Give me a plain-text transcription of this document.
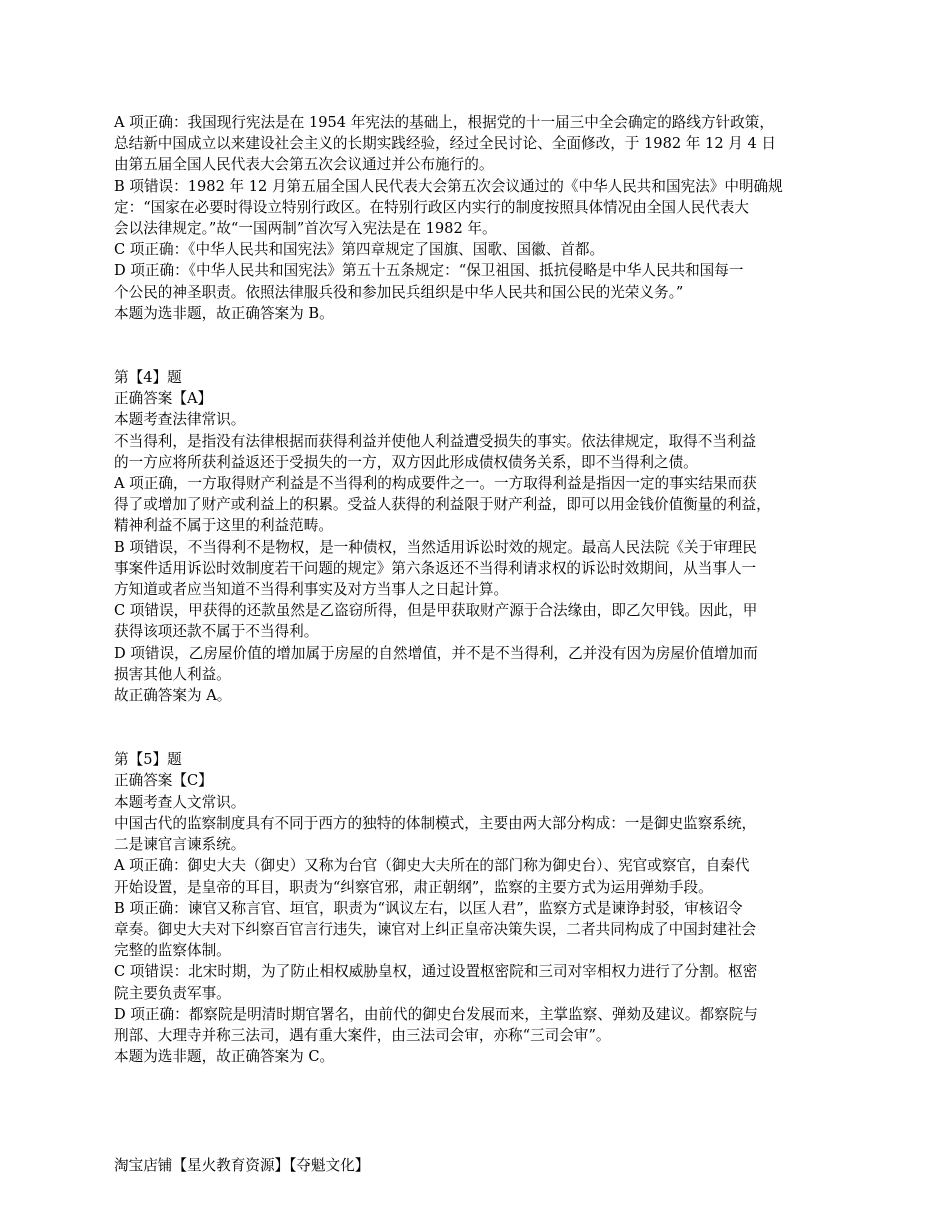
A 项正确：我国现行宪法是在 1954 年宪法的基础上，根据党的十一届三中全会确定的路线方针政策，
总结新中国成立以来建设社会主义的长期实践经验，经过全民讨论、全面修改，于 1982 年 12 月 4 日
由第五届全国人民代表大会第五次会议通过并公布施行的。
B 项错误：1982 年 12 月第五届全国人民代表大会第五次会议通过的《中华人民共和国宪法》中明确规
定：“国家在必要时得设立特别行政区。在特别行政区内实行的制度按照具体情况由全国人民代表大
会以法律规定。”故“一国两制”首次写入宪法是在 1982 年。
C 项正确：《中华人民共和国宪法》第四章规定了国旗、国歌、国徽、首都。
D 项正确：《中华人民共和国宪法》第五十五条规定：“保卫祖国、抵抗侵略是中华人民共和国每一
个公民的神圣职责。依照法律服兵役和参加民兵组织是中华人民共和国公民的光荣义务。”
本题为选非题，故正确答案为 B。
第【4】题
正确答案【A】
本题考查法律常识。
不当得利，是指没有法律根据而获得利益并使他人利益遭受损失的事实。依法律规定，取得不当利益
的一方应将所获利益返还于受损失的一方，双方因此形成债权债务关系，即不当得利之债。
A 项正确，一方取得财产利益是不当得利的构成要件之一。一方取得利益是指因一定的事实结果而获
得了或增加了财产或利益上的积累。受益人获得的利益限于财产利益，即可以用金钱价值衡量的利益，
精神利益不属于这里的利益范畴。
B 项错误，不当得利不是物权，是一种债权，当然适用诉讼时效的规定。最高人民法院《关于审理民
事案件适用诉讼时效制度若干问题的规定》第六条返还不当得利请求权的诉讼时效期间，从当事人一
方知道或者应当知道不当得利事实及对方当事人之日起计算。
C 项错误，甲获得的还款虽然是乙盗窃所得，但是甲获取财产源于合法缘由，即乙欠甲钱。因此，甲
获得该项还款不属于不当得利。
D 项错误，乙房屋价值的增加属于房屋的自然增值，并不是不当得利，乙并没有因为房屋价值增加而
损害其他人利益。
故正确答案为 A。
第【5】题
正确答案【C】
本题考查人文常识。
中国古代的监察制度具有不同于西方的独特的体制模式，主要由两大部分构成：一是御史监察系统，
二是谏官言谏系统。
A 项正确：御史大夫（御史）又称为台官（御史大夫所在的部门称为御史台）、宪官或察官，自秦代
开始设置，是皇帝的耳目，职责为“纠察官邪，肃正朝纲”，监察的主要方式为运用弹劾手段。
B 项正确：谏官又称言官、垣官，职责为“讽议左右，以匡人君”，监察方式是谏诤封驳，审核诏令
章奏。御史大夫对下纠察百官言行违失，谏官对上纠正皇帝决策失误，二者共同构成了中国封建社会
完整的监察体制。
C 项错误：北宋时期，为了防止相权威胁皇权，通过设置枢密院和三司对宰相权力进行了分割。枢密
院主要负责军事。
D 项正确：都察院是明清时期官署名，由前代的御史台发展而来，主掌监察、弹劾及建议。都察院与
刑部、大理寺并称三法司，遇有重大案件，由三法司会审，亦称“三司会审”。
本题为选非题，故正确答案为 C。
淘宝店铺【星火教育资源】【夺魁文化】
